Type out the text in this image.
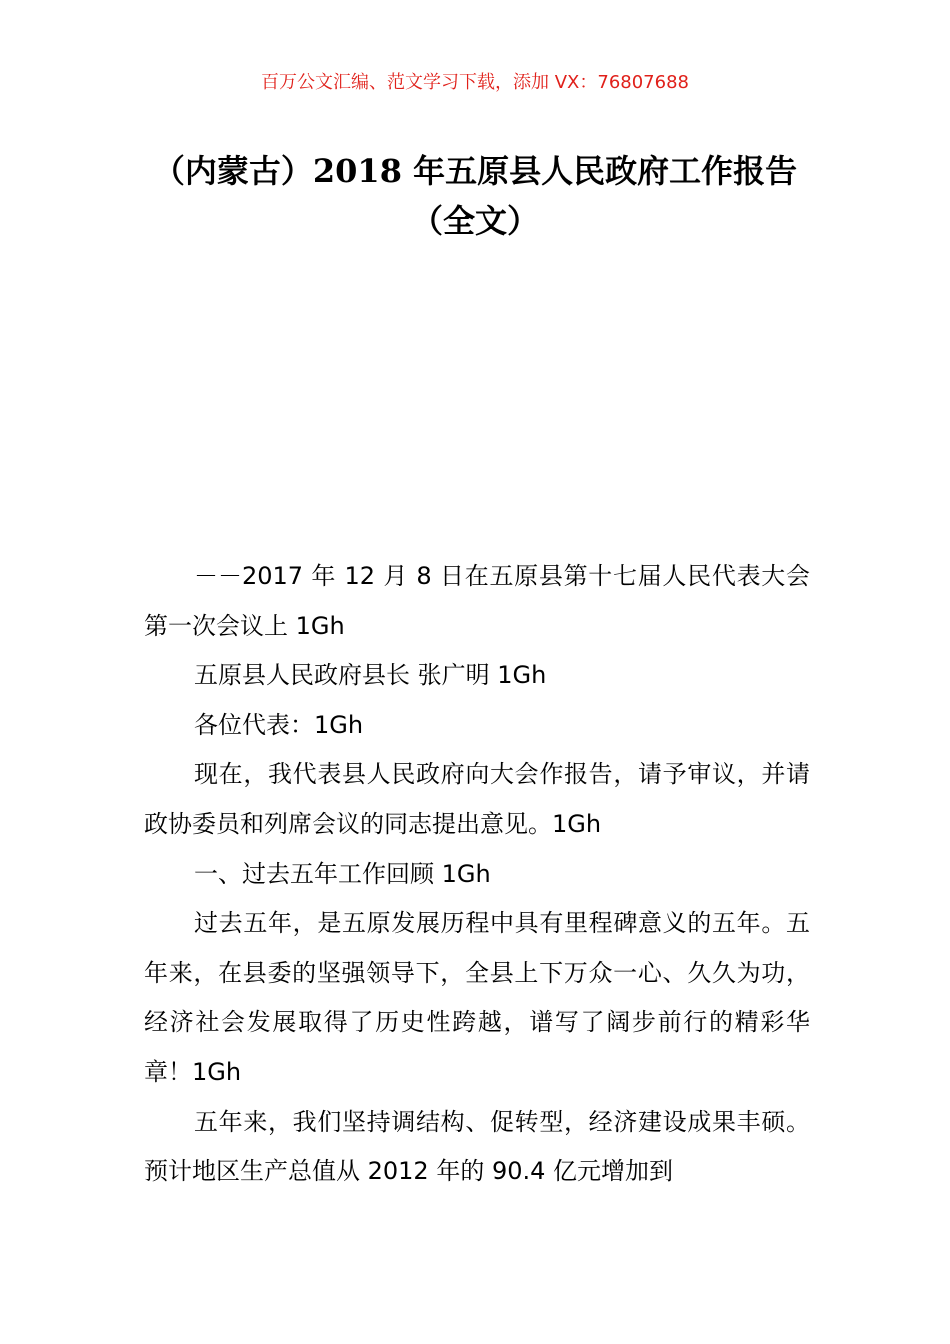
百万公文汇编、范文学习下载，添加 VX：76807688
（内蒙古）2018 年五原县人民政府工作报告（全文）

－－2017 年 12 月 8 日在五原县第十七届人民代表大会第一次会议上 1Gh

五原县人民政府县长 张广明 1Gh

各位代表：1Gh

现在，我代表县人民政府向大会作报告，请予审议，并请政协委员和列席会议的同志提出意见。1Gh

一、过去五年工作回顾 1Gh

过去五年，是五原发展历程中具有里程碑意义的五年。五年来，在县委的坚强领导下，全县上下万众一心、久久为功，经济社会发展取得了历史性跨越，谱写了阔步前行的精彩华章！1Gh

五年来，我们坚持调结构、促转型，经济建设成果丰硕。预计地区生产总值从 2012 年的 90.4 亿元增加到
